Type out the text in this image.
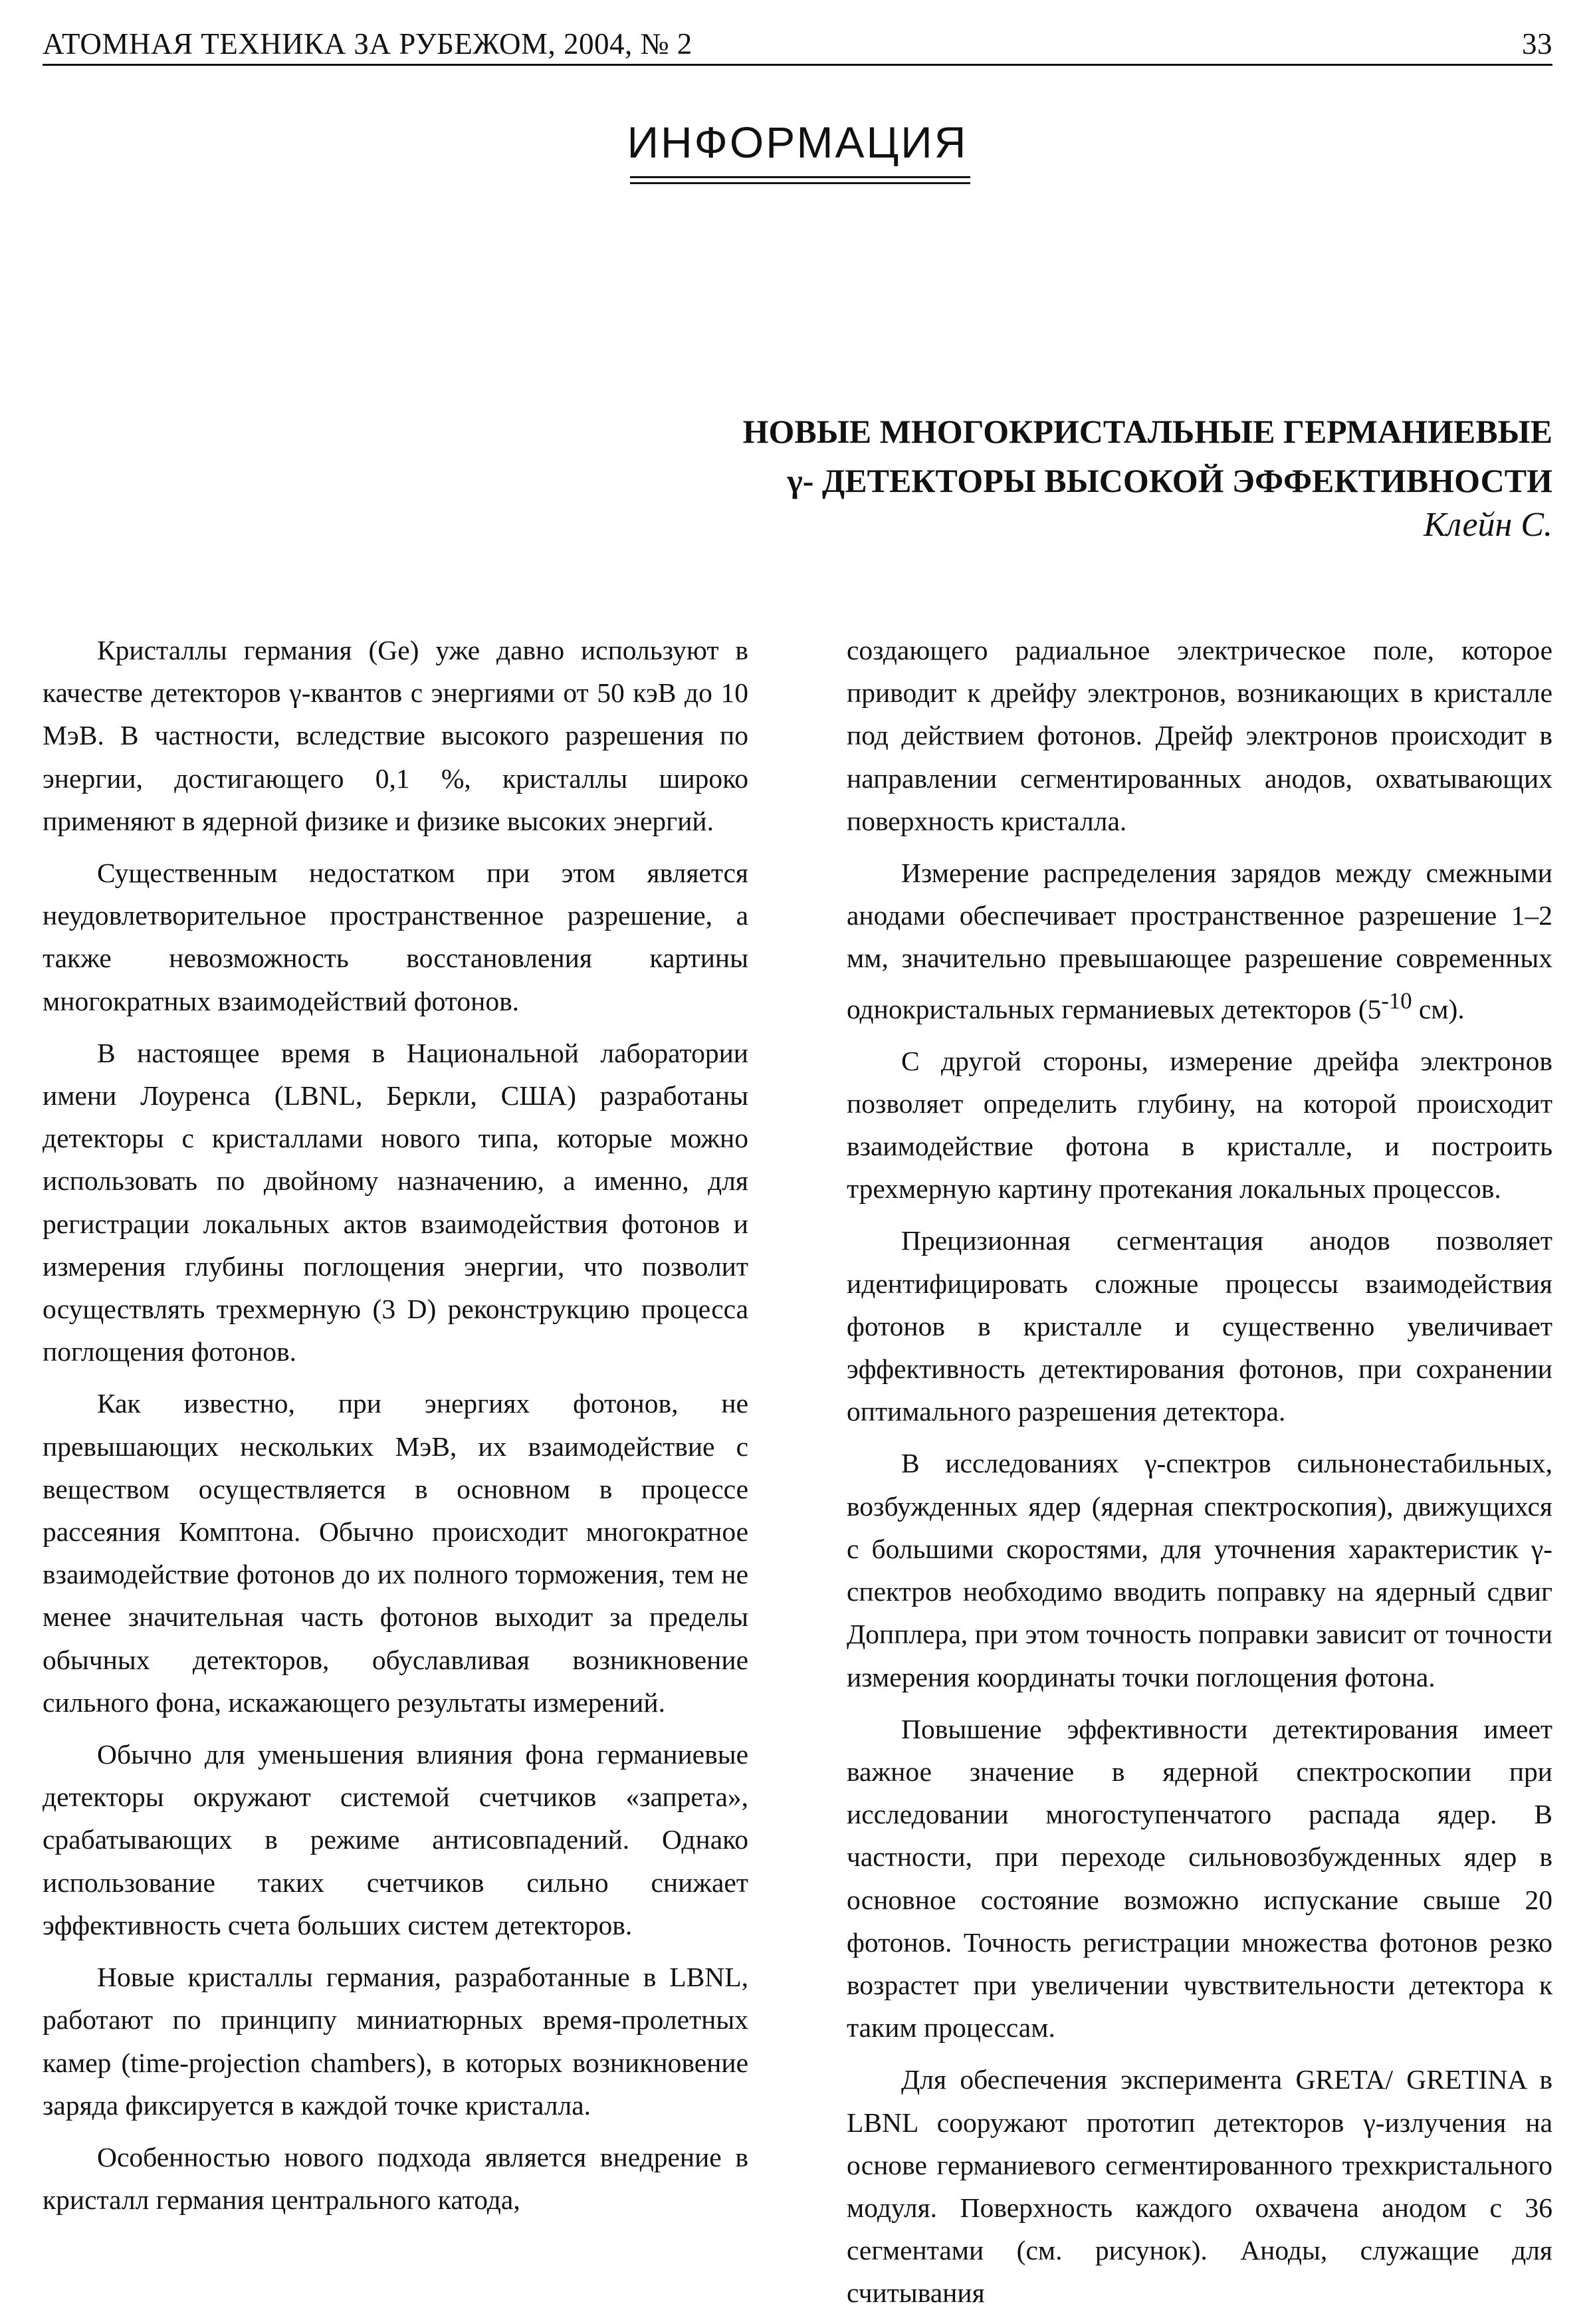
АТОМНАЯ ТЕХНИКА ЗА РУБЕЖОМ, 2004, № 2	33
ИНФОРМАЦИЯ
НОВЫЕ МНОГОКРИСТАЛЬНЫЕ ГЕРМАНИЕВЫЕ
γ- ДЕТЕКТОРЫ ВЫСОКОЙ ЭФФЕКТИВНОСТИ
Клейн С.

Кристаллы германия (Ge) уже давно используют в качестве детекторов γ-квантов с энергиями от 50 кэВ до 10 МэВ. В частности, вследствие высокого разрешения по энергии, достигающего 0,1 %, кристаллы широко применяют в ядерной физике и физике высоких энергий.

Существенным недостатком при этом является неудовлетворительное пространственное разрешение, а также невозможность восстановления картины многократных взаимодействий фотонов.

В настоящее время в Национальной лаборатории имени Лоуренса (LBNL, Беркли, США) разработаны детекторы с кристаллами нового типа, которые можно использовать по двойному назначению, а именно, для регистрации локальных актов взаимодействия фотонов и измерения глубины поглощения энергии, что позволит осуществлять трехмерную (3 D) реконструкцию процесса поглощения фотонов.

Как известно, при энергиях фотонов, не превышающих нескольких МэВ, их взаимодействие с веществом осуществляется в основном в процессе рассеяния Комптона. Обычно происходит многократное взаимодействие фотонов до их полного торможения, тем не менее значительная часть фотонов выходит за пределы обычных детекторов, обуславливая возникновение сильного фона, искажающего результаты измерений.

Обычно для уменьшения влияния фона германиевые детекторы окружают системой счетчиков «запрета», срабатывающих в режиме антисовпадений. Однако использование таких счетчиков сильно снижает эффективность счета больших систем детекторов.

Новые кристаллы германия, разработанные в LBNL, работают по принципу миниатюрных время-пролетных камер (time-projection chambers), в которых возникновение заряда фиксируется в каждой точке кристалла.

Особенностью нового подхода является внедрение в кристалл германия центрального катода,

создающего радиальное электрическое поле, которое приводит к дрейфу электронов, возникающих в кристалле под действием фотонов. Дрейф электронов происходит в направлении сегментированных анодов, охватывающих поверхность кристалла.

Измерение распределения зарядов между смежными анодами обеспечивает пространственное разрешение 1–2 мм, значительно превышающее разрешение современных однокристальных германиевых детекторов ($5^{-10}$ см).

С другой стороны, измерение дрейфа электронов позволяет определить глубину, на которой происходит взаимодействие фотона в кристалле, и построить трехмерную картину протекания локальных процессов.

Прецизионная сегментация анодов позволяет идентифицировать сложные процессы взаимодействия фотонов в кристалле и существенно увеличивает эффективность детектирования фотонов, при сохранении оптимального разрешения детектора.

В исследованиях γ-спектров сильнонестабильных, возбужденных ядер (ядерная спектроскопия), движущихся с большими скоростями, для уточнения характеристик γ-спектров необходимо вводить поправку на ядерный сдвиг Допплера, при этом точность поправки зависит от точности измерения координаты точки поглощения фотона.

Повышение эффективности детектирования имеет важное значение в ядерной спектроскопии при исследовании многоступенчатого распада ядер. В частности, при переходе сильновозбужденных ядер в основное состояние возможно испускание свыше 20 фотонов. Точность регистрации множества фотонов резко возрастет при увеличении чувствительности детектора к таким процессам.

Для обеспечения эксперимента GRETA/ GRETINA в LBNL сооружают прототип детекторов γ-излучения на основе германиевого сегментированного трехкристального модуля. Поверхность каждого охвачена анодом с 36 сегментами (см. рисунок). Аноды, служащие для считывания
